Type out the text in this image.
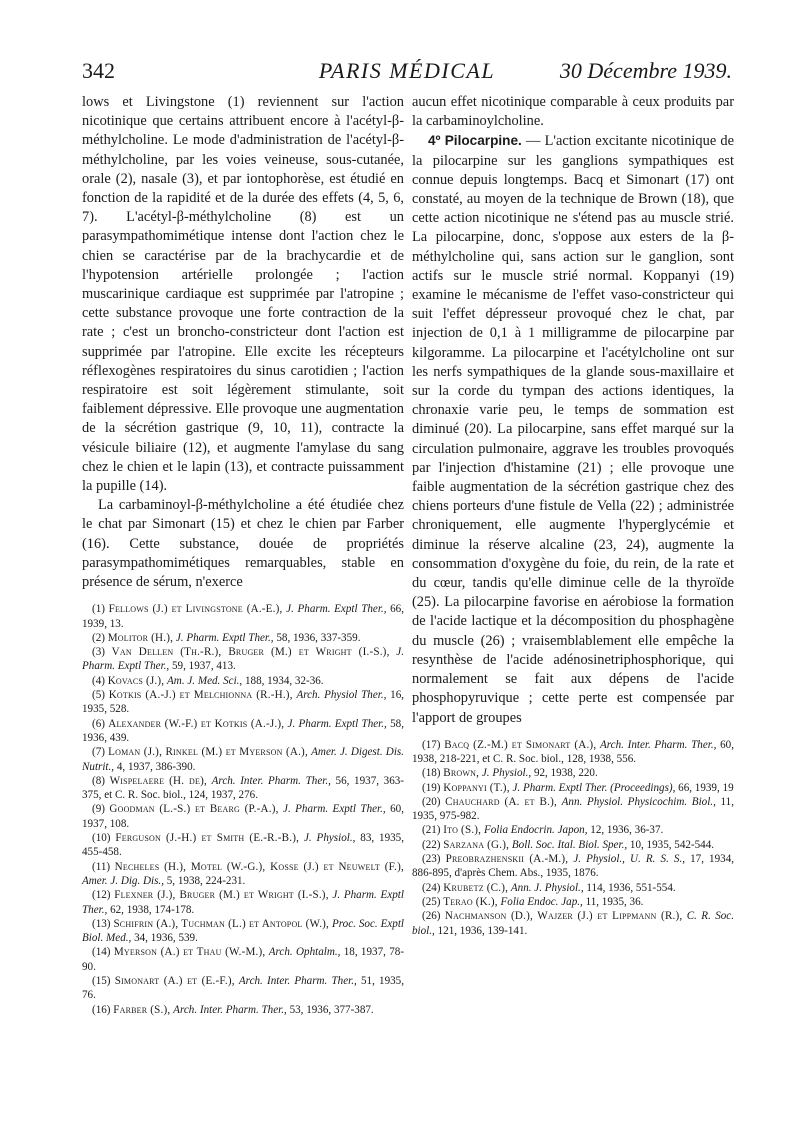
342	PARIS MÉDICAL	30 Décembre 1939.

lows et Livingstone (1) reviennent sur l'action nicotinique que certains attribuent encore à l'acétyl-β-méthylcholine. Le mode d'administration de l'acétyl-β-méthylcholine, par les voies veineuse, sous-cutanée, orale (2), nasale (3), et par iontophorèse, est étudié en fonction de la rapidité et de la durée des effets (4, 5, 6, 7). L'acétyl-β-méthylcholine (8) est un parasympathomimétique intense dont l'action chez le chien se caractérise par de la brachycardie et de l'hypotension artérielle prolongée ; l'action muscarinique cardiaque est supprimée par l'atropine ; cette substance provoque une forte contraction de la rate ; c'est un broncho-constricteur dont l'action est supprimée par l'atropine. Elle excite les récepteurs réflexogènes respiratoires du sinus carotidien ; l'action respiratoire est soit légèrement stimulante, soit faiblement dépressive. Elle provoque une augmentation de la sécrétion gastrique (9, 10, 11), contracte la vésicule biliaire (12), et augmente l'amylase du sang chez le chien et le lapin (13), et contracte puissamment la pupille (14).

La carbaminoyl-β-méthylcholine a été étudiée chez le chat par Simonart (15) et chez le chien par Farber (16). Cette substance, douée de propriétés parasympathomimétiques remarquables, stable en présence de sérum, n'exerce

(1) Fellows (J.) et Livingstone (A.-E.), J. Pharm. Exptl Ther., 66, 1939, 13.

(2) Molitor (H.), J. Pharm. Exptl Ther., 58, 1936, 337-359.

(3) Van Dellen (Th.-R.), Bruger (M.) et Wright (I.-S.), J. Pharm. Exptl Ther., 59, 1937, 413.

(4) Kovacs (J.), Am. J. Med. Sci., 188, 1934, 32-36.

(5) Kotkis (A.-J.) et Melchionna (R.-H.), Arch. Physiol Ther., 16, 1935, 528.

(6) Alexander (W.-F.) et Kotkis (A.-J.), J. Pharm. Exptl Ther., 58, 1936, 439.

(7) Loman (J.), Rinkel (M.) et Myerson (A.), Amer. J. Digest. Dis. Nutrit., 4, 1937, 386-390.

(8) Wispelaere (H. de), Arch. Inter. Pharm. Ther., 56, 1937, 363-375, et C. R. Soc. biol., 124, 1937, 276.

(9) Goodman (L.-S.) et Bearg (P.-A.), J. Pharm. Exptl Ther., 60, 1937, 108.

(10) Ferguson (J.-H.) et Smith (E.-R.-B.), J. Physiol., 83, 1935, 455-458.

(11) Necheles (H.), Motel (W.-G.), Kosse (J.) et Neuwelt (F.), Amer. J. Dig. Dis., 5, 1938, 224-231.

(12) Flexner (J.), Bruger (M.) et Wright (I.-S.), J. Pharm. Exptl Ther., 62, 1938, 174-178.

(13) Schifrin (A.), Tuchman (L.) et Antopol (W.), Proc. Soc. Exptl Biol. Med., 34, 1936, 539.

(14) Myerson (A.) et Thau (W.-M.), Arch. Ophtalm., 18, 1937, 78-90.

(15) Simonart (A.) et (E.-F.), Arch. Inter. Pharm. Ther., 51, 1935, 76.

(16) Farber (S.), Arch. Inter. Pharm. Ther., 53, 1936, 377-387.

aucun effet nicotinique comparable à ceux produits par la carbaminoylcholine.

4º Pilocarpine. — L'action excitante nicotinique de la pilocarpine sur les ganglions sympathiques est connue depuis longtemps. Bacq et Simonart (17) ont constaté, au moyen de la technique de Brown (18), que cette action nicotinique ne s'étend pas au muscle strié. La pilocarpine, donc, s'oppose aux esters de la β-méthylcholine qui, sans action sur le ganglion, sont actifs sur le muscle strié normal. Koppanyi (19) examine le mécanisme de l'effet vaso-constricteur qui suit l'effet dépresseur provoqué chez le chat, par injection de 0,1 à 1 milligramme de pilocarpine par kilgoramme. La pilocarpine et l'acétylcholine ont sur les nerfs sympathiques de la glande sous-maxillaire et sur la corde du tympan des actions identiques, la chronaxie varie peu, le temps de sommation est diminué (20). La pilocarpine, sans effet marqué sur la circulation pulmonaire, aggrave les troubles provoqués par l'injection d'histamine (21) ; elle provoque une faible augmentation de la sécrétion gastrique chez des chiens porteurs d'une fistule de Vella (22) ; administrée chroniquement, elle augmente l'hyperglycémie et diminue la réserve alcaline (23, 24), augmente la consommation d'oxygène du foie, du rein, de la rate et du cœur, tandis qu'elle diminue celle de la thyroïde (25). La pilocarpine favorise en aérobiose la formation de l'acide lactique et la décomposition du phosphagène du muscle (26) ; vraisemblablement elle empêche la resynthèse de l'acide adénosinetriphosphorique, qui normalement se fait aux dépens de l'acide phosphopyruvique ; cette perte est compensée par l'apport de groupes

(17) Bacq (Z.-M.) et Simonart (A.), Arch. Inter. Pharm. Ther., 60, 1938, 218-221, et C. R. Soc. biol., 128, 1938, 556.

(18) Brown, J. Physiol., 92, 1938, 220.

(19) Koppanyi (T.), J. Pharm. Exptl Ther. (Proceedings), 66, 1939, 19

(20) Chauchard (A. et B.), Ann. Physiol. Physicochim. Biol., 11, 1935, 975-982.

(21) Ito (S.), Folia Endocrin. Japon, 12, 1936, 36-37.

(22) Sarzana (G.), Boll. Soc. Ital. Biol. Sper., 10, 1935, 542-544.

(23) Preobrazhenskii (A.-M.), J. Physiol., U. R. S. S., 17, 1934, 886-895, d'après Chem. Abs., 1935, 1876.

(24) Krubetz (C.), Ann. J. Physiol., 114, 1936, 551-554.

(25) Terao (K.), Folia Endoc. Jap., 11, 1935, 36.

(26) Nachmanson (D.), Wajzer (J.) et Lippmann (R.), C. R. Soc. biol., 121, 1936, 139-141.
